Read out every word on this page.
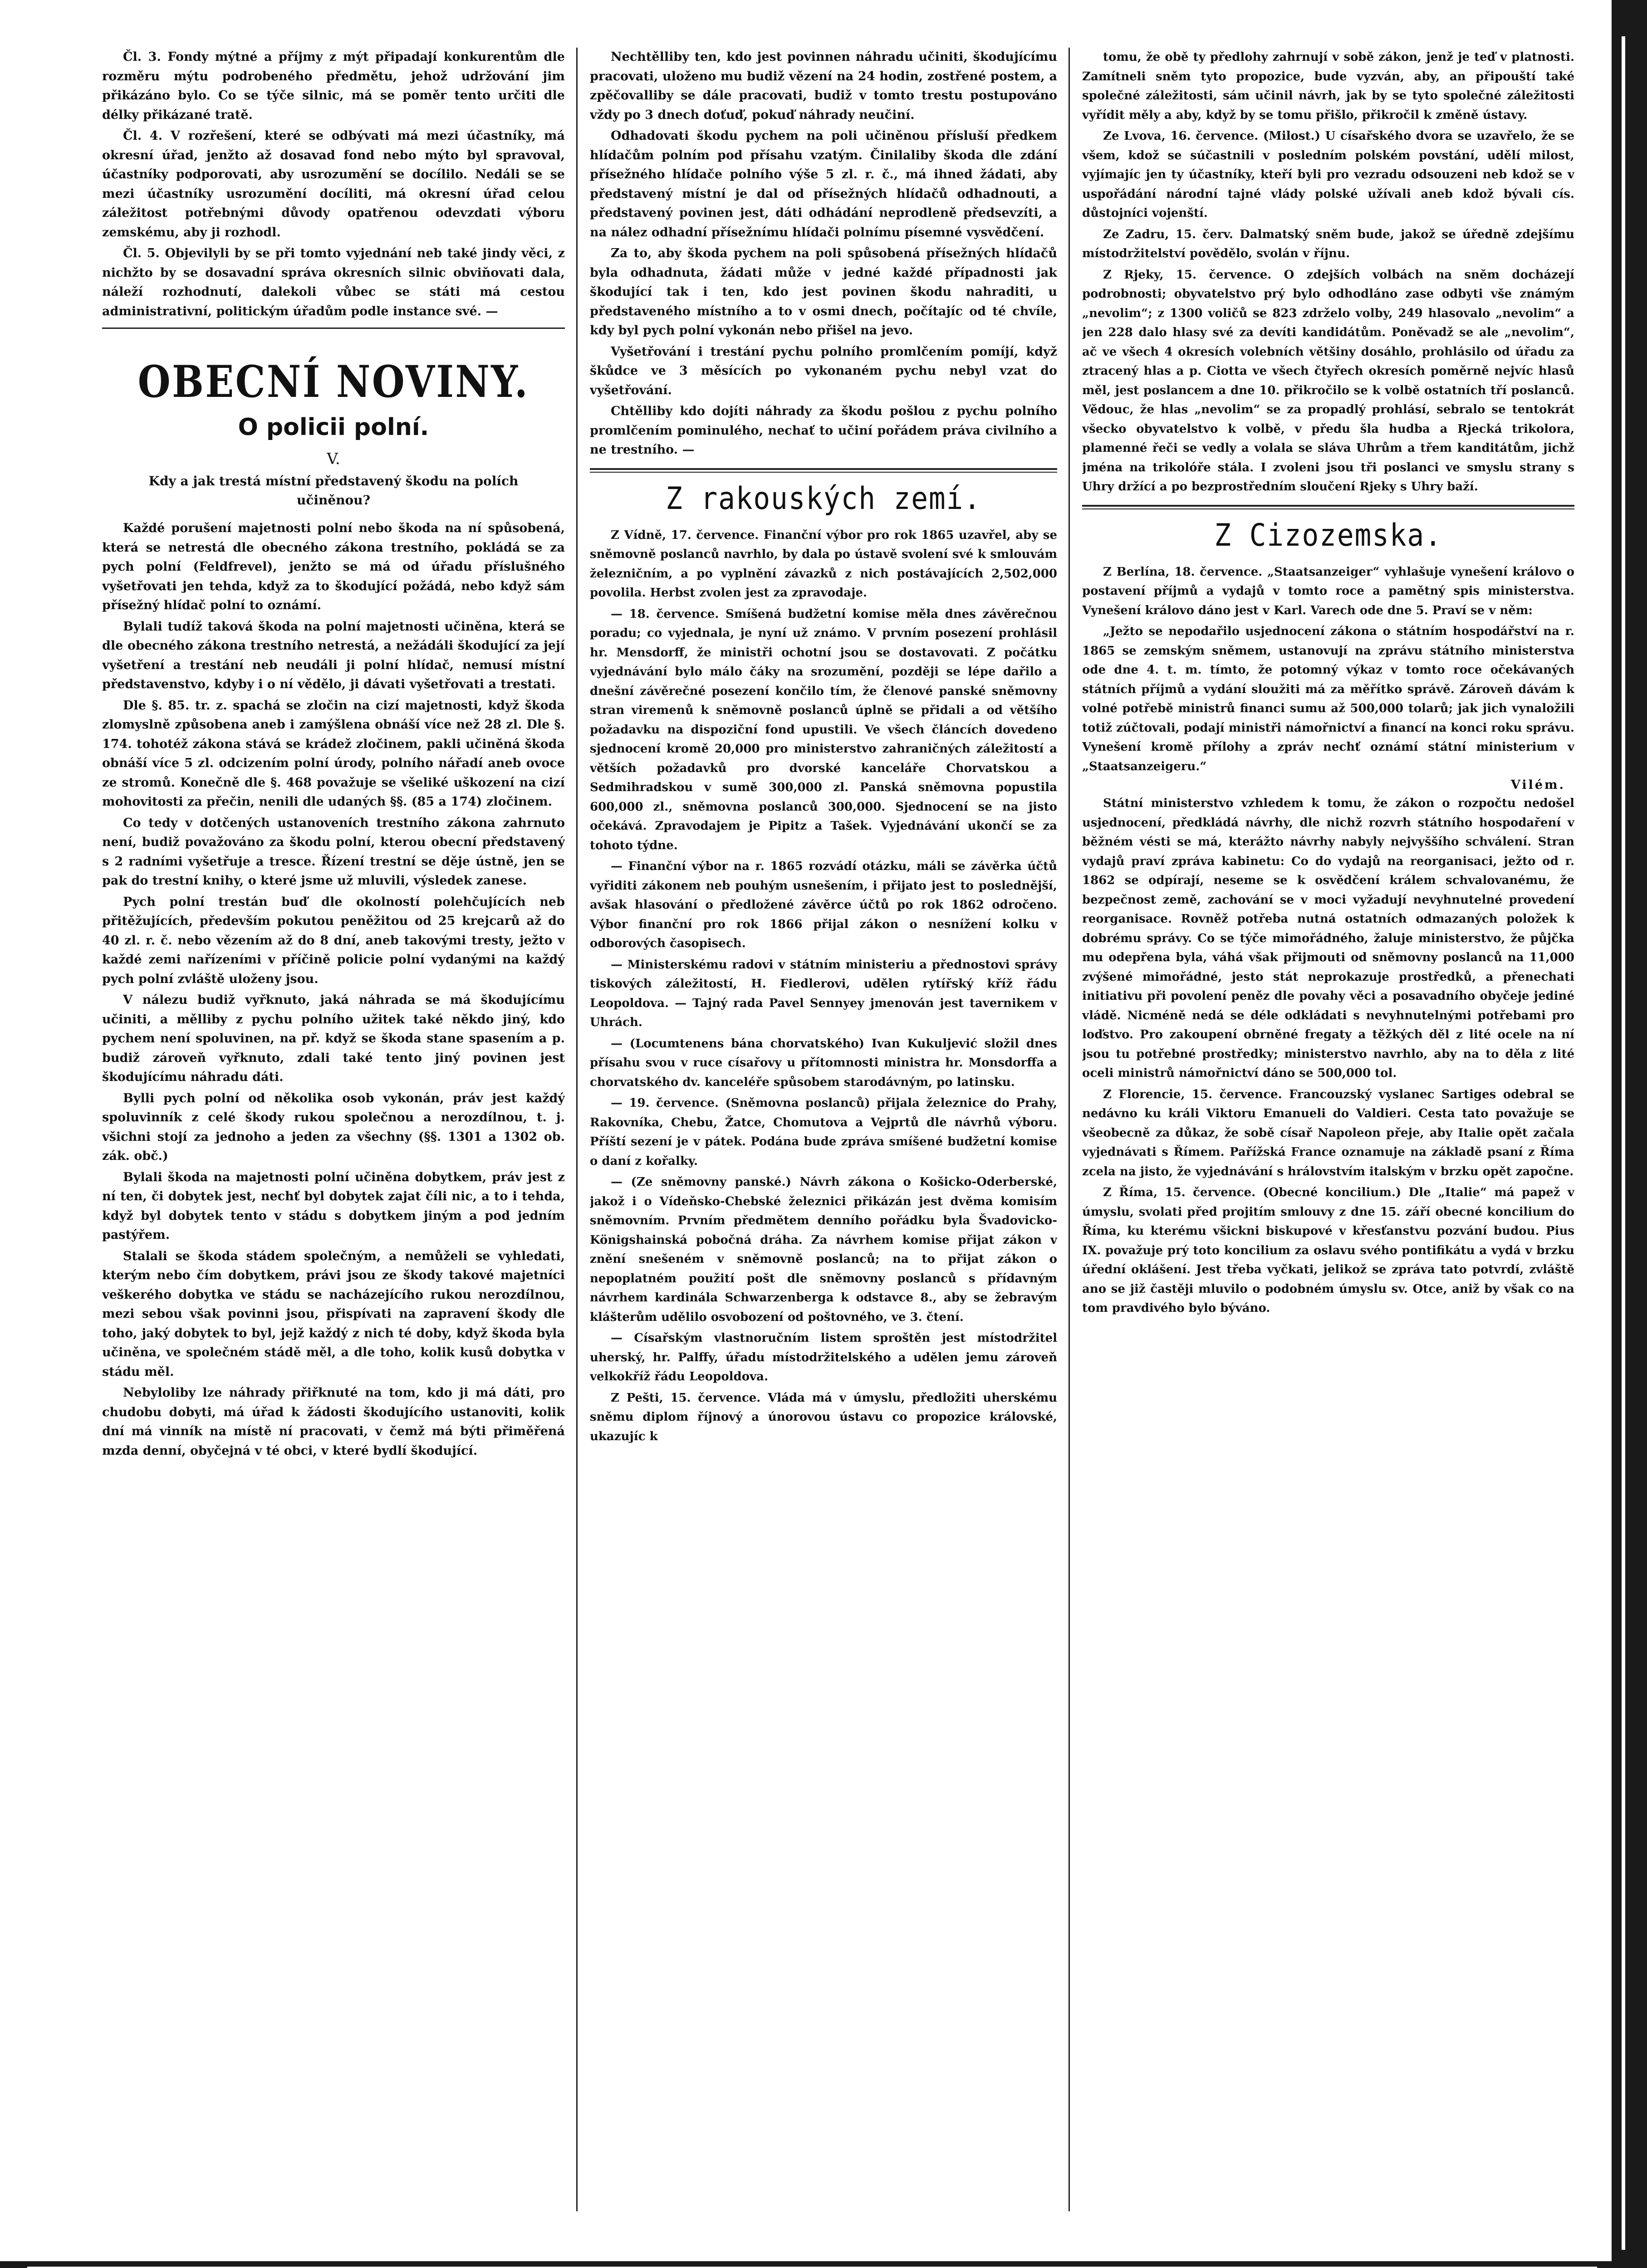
Čl. 3. Fondy mýtné a příjmy z mýt připadají konkurentům dle rozměru mýtu podrobeného předmětu, jehož udržování jim přikázáno bylo. Co se týče silnic, má se poměr tento určiti dle délky přikázané tratě.

Čl. 4. V rozřešení, které se odbývati má mezi účastníky, má okresní úřad, jenžto až dosavad fond nebo mýto byl spravoval, účastníky podporovati, aby usrozumění se docílilo. Nedáli se se mezi účastníky usrozumění docíliti, má okresní úřad celou záležitost potřebnými důvody opatřenou odevzdati výboru zemskému, aby ji rozhodl.

Čl. 5. Objevilyli by se při tomto vyjednání neb také jindy věci, z nichžto by se dosavadní správa okresních silnic obviňovati dala, náleží rozhodnutí, dalekoli vůbec se státi má cestou administrativní, politickým úřadům podle instance své. —

OBECNÍ NOVINY.
O policii polní.
V.
Kdy a jak trestá místní představený škodu na polích učiněnou?

Každé porušení majetnosti polní nebo škoda na ní spůsobená, která se netrestá dle obecného zákona trestního, pokládá se za pych polní (Feldfrevel), jenžto se má od úřadu příslušného vyšetřovati jen tehda, když za to škodující požádá, nebo když sám přísežný hlídač polní to oznámí.

Bylali tudíž taková škoda na polní majetnosti učiněna, která se dle obecného zákona trestního netrestá, a nežádáli škodující za její vyšetření a trestání neb neudáli ji polní hlídač, nemusí místní představenstvo, kdyby i o ní vědělo, ji dávati vyšetřovati a trestati.

Dle §. 85. tr. z. spachá se zločin na cizí majetnosti, když škoda zlomyslně způsobena aneb i zamýšlena obnáší více než 28 zl. Dle §. 174. tohotéž zákona stává se krádež zločinem, pakli učiněná škoda obnáší více 5 zl. odcizením polní úrody, polního nářadí aneb ovoce ze stromů. Konečně dle §. 468 považuje se všeliké uškození na cizí mohovitosti za přečin, nenili dle udaných §§. (85 a 174) zločinem.

Co tedy v dotčených ustanoveních trestního zákona zahrnuto není, budiž považováno za škodu polní, kterou obecní představený s 2 radními vyšetřuje a tresce. Řízení trestní se děje ústně, jen se pak do trestní knihy, o které jsme už mluvili, výsledek zanese.

Pych polní trestán buď dle okolností polehčujících neb přitěžujících, především pokutou peněžitou od 25 krejcarů až do 40 zl. r. č. nebo vězením až do 8 dní, aneb takovými tresty, ježto v každé zemi nařízeními v příčině policie polní vydanými na každý pych polní zvláště uloženy jsou.

V nálezu budiž vyřknuto, jaká náhrada se má škodujícímu učiniti, a mělliby z pychu polního užitek také někdo jiný, kdo pychem není spoluvinen, na př. když se škoda stane spasením a p. budiž zároveň vyřknuto, zdali také tento jiný povinen jest škodujícímu náhradu dáti.

Bylli pych polní od několika osob vykonán, práv jest každý spoluvinník z celé škody rukou společnou a nerozdílnou, t. j. všichni stojí za jednoho a jeden za všechny (§§. 1301 a 1302 ob. zák. obč.)

Bylali škoda na majetnosti polní učiněna dobytkem, práv jest z ní ten, či dobytek jest, nechť byl dobytek zajat číli nic, a to i tehda, když byl dobytek tento v stádu s dobytkem jiným a pod jedním pastýřem.

Stalali se škoda stádem společným, a nemůželi se vyhledati, kterým nebo čím dobytkem, právi jsou ze škody takové majetníci veškerého dobytka ve stádu se nacházejícího rukou nerozdílnou, mezi sebou však povinni jsou, přispívati na zapravení škody dle toho, jaký dobytek to byl, jejž každý z nich té doby, když škoda byla učiněna, ve společném stádě měl, a dle toho, kolik kusů dobytka v stádu měl.

Nebyloliby lze náhrady přiřknuté na tom, kdo ji má dáti, pro chudobu dobyti, má úřad k žádosti škodujícího ustanoviti, kolik dní má vinník na místě ní pracovati, v čemž má býti přiměřená mzda denní, obyčejná v té obci, v které bydlí škodující.

Nechtělliby ten, kdo jest povinnen náhradu učiniti, škodujícímu pracovati, uloženo mu budiž vězení na 24 hodin, zostřené postem, a zpěčovalliby se dále pracovati, budiž v tomto trestu postupováno vždy po 3 dnech doťuď, pokuď náhrady neučiní.

Odhadovati škodu pychem na poli učiněnou přísluší předkem hlídačům polním pod přísahu vzatým. Činilaliby škoda dle zdání přísežného hlídače polního výše 5 zl. r. č., má ihned žádati, aby představený místní je dal od přísežných hlídačů odhadnouti, a představený povinen jest, dáti odhádání neprodleně předsevzíti, a na nález odhadní přísežnímu hlídači polnímu písemné vysvědčení.

Za to, aby škoda pychem na poli spůsobená přísežných hlídačů byla odhadnuta, žádati může v jedné každé případnosti jak škodující tak i ten, kdo jest povinen škodu nahraditi, u představeného místního a to v osmi dnech, počítajíc od té chvíle, kdy byl pych polní vykonán nebo přišel na jevo.

Vyšetřování i trestání pychu polního promlčením pomíjí, když škůdce ve 3 měsících po vykonaném pychu nebyl vzat do vyšetřování.

Chtělliby kdo dojíti náhrady za škodu pošlou z pychu polního promlčením pominulého, nechať to učiní pořádem práva civilního a ne trestního. —

Z rakouských zemí.

Z Vídně, 17. července. Finanční výbor pro rok 1865 uzavřel, aby se sněmovně poslanců navrhlo, by dala po ústavě svolení své k smlouvám železničním, a po vyplnění závazků z nich postávajících 2,502,000 povolila. Herbst zvolen jest za zpravodaje.

— 18. července. Smíšená budžetní komise měla dnes závěrečnou poradu; co vyjednala, je nyní už známo. V prvním posezení prohlásil hr. Mensdorff, že ministři ochotní jsou se dostavovati. Z počátku vyjednávání bylo málo čáky na srozumění, později se lépe dařilo a dnešní závěrečné posezení končilo tím, že členové panské sněmovny stran viremenů k sněmovně poslanců úplně se přidali a od většího požadavku na dispoziční fond upustili. Ve všech článcích dovedeno sjednocení kromě 20,000 pro ministerstvo zahraničných záležitostí a větších požadavků pro dvorské kanceláře Chorvatskou a Sedmihradskou v sumě 300,000 zl. Panská sněmovna popustila 600,000 zl., sněmovna poslanců 300,000. Sjednocení se na jisto očekává. Zpravodajem je Pipitz a Tašek. Vyjednávání ukončí se za tohoto týdne.

— Finanční výbor na r. 1865 rozvádí otázku, máli se závěrka účtů vyřiditi zákonem neb pouhým usnešením, i přijato jest to poslednější, avšak hlasování o předložené závěrce účtů po rok 1862 odročeno. Výbor finanční pro rok 1866 přijal zákon o nesnížení kolku v odborových časopisech.

— Ministerskému radovi v státním ministeriu a přednostovi správy tiskových záležitostí, H. Fiedlerovi, udělen rytířský kříž řádu Leopoldova. — Tajný rada Pavel Sennyey jmenován jest tavernikem v Uhrách.

— (Locumtenens bána chorvatského) Ivan Kukuljević složil dnes přísahu svou v ruce císařovy u přítomnosti ministra hr. Monsdorffa a chorvatského dv. kanceléře spůsobem starodávným, po latinsku.

— 19. července. (Sněmovna poslanců) přijala železnice do Prahy, Rakovníka, Chebu, Žatce, Chomutova a Vejprtů dle návrhů výboru. Příští sezení je v pátek. Podána bude zpráva smíšené budžetní komise o daní z kořalky.

— (Ze sněmovny panské.) Návrh zákona o Košicko-Oderberské, jakož i o Vídeňsko-Chebské železnici přikázán jest dvěma komisím sněmovním. Prvním předmětem denního pořádku byla Švadovicko-Königshainská pobočná dráha. Za návrhem komise přijat zákon v znění snešeném v sněmovně poslanců; na to přijat zákon o nepoplatném použití pošt dle sněmovny poslanců s přídavným návrhem kardinála Schwarzenberga k odstavce 8., aby se žebravým klášterům udělilo osvobození od poštovného, ve 3. čtení.

— Císařským vlastnoručním listem sproštěn jest místodržitel uherský, hr. Palffy, úřadu místodržitelského a udělen jemu zároveň velkokříž řádu Leopoldova.

Z Pešti, 15. července. Vláda má v úmyslu, předložiti uherskému sněmu diplom říjnový a únorovou ústavu co propozice královské, ukazujíc k

tomu, že obě ty předlohy zahrnují v sobě zákon, jenž je teď v platnosti. Zamítneli sněm tyto propozice, bude vyzván, aby, an připouští také společné záležitosti, sám učinil návrh, jak by se tyto společné záležitosti vyřídit měly a aby, když by se tomu přišlo, přikročil k změně ústavy.

Ze Lvova, 16. července. (Milost.) U císařského dvora se uzavřelo, že se všem, kdož se súčastnili v posledním polském povstání, udělí milost, vyjímajíc jen ty účastníky, kteří byli pro vezradu odsouzeni neb kdož se v uspořádání národní tajné vlády polské užívali aneb kdož bývali cís. důstojníci vojenští.

Ze Zadru, 15. červ. Dalmatský sněm bude, jakož se úředně zdejšímu místodržitelství povědělo, svolán v říjnu.

Z Rjeky, 15. července. O zdejších volbách na sněm docházejí podrobnosti; obyvatelstvo prý bylo odhodláno zase odbyti vše známým „nevolim“; z 1300 voličů se 823 zdrželo volby, 249 hlasovalo „nevolim“ a jen 228 dalo hlasy své za devíti kandidátům. Poněvadž se ale „nevolim“, ač ve všech 4 okresích volebních většiny dosáhlo, prohlásilo od úřadu za ztracený hlas a p. Ciotta ve všech čtyřech okresích poměrně nejvíc hlasů měl, jest poslancem a dne 10. přikročilo se k volbě ostatních tří poslanců. Vědouc, že hlas „nevolim“ se za propadlý prohlásí, sebralo se tentokrát všecko obyvatelstvo k volbě, v předu šla hudba a Rjecká trikolora, plamenné řeči se vedly a volala se sláva Uhrům a třem kanditátům, jichž jména na trikolóře stála. I zvoleni jsou tři poslanci ve smyslu strany s Uhry držící a po bezprostředním sloučení Rjeky s Uhry baží.

Z Cizozemska.

Z Berlína, 18. července. „Staatsanzeiger“ vyhlašuje vynešení královo o postavení příjmů a vydajů v tomto roce a pamětný spis ministerstva. Vynešení královo dáno jest v Karl. Varech ode dne 5. Praví se v něm:

„Ježto se nepodařilo usjednocení zákona o státním hospodářství na r. 1865 se zemským sněmem, ustanovují na zprávu státního ministerstva ode dne 4. t. m. tímto, že potomný výkaz v tomto roce očekávaných státních příjmů a vydání sloužiti má za měřítko správě. Zároveň dávám k volné potřebě ministrů financi sumu až 500,000 tolarů; jak jich vynaložili totiž zúčtovali, podají ministři námořnictví a financí na konci roku správu. Vynešení kromě přílohy a zpráv nechť oznámí státní ministerium v „Staatsanzeigeru.“

Vilém.

Státní ministerstvo vzhledem k tomu, že zákon o rozpočtu nedošel usjednocení, předkládá návrhy, dle nichž rozvrh státního hospodaření v běžném vésti se má, kterážto návrhy nabyly nejvyššího schválení. Stran vydajů praví zpráva kabinetu: Co do vydajů na reorganisaci, ježto od r. 1862 se odpírají, neseme se k osvědčení králem schvalovanému, že bezpečnost země, zachování se v moci vyžadují nevyhnutelné provedení reorganisace. Rovněž potřeba nutná ostatních odmazaných položek k dobrému správy. Co se týče mimořádného, žaluje ministerstvo, že půjčka mu odepřena byla, váhá však přijmouti od sněmovny poslanců na 11,000 zvýšené mimořádné, jesto stát neprokazuje prostředků, a přenechati initiativu při povolení peněz dle povahy věci a posavadního obyčeje jediné vládě. Nicméně nedá se déle odkládati s nevyhnutelnými potřebami pro loďstvo. Pro zakoupení obrněné fregaty a těžkých děl z lité ocele na ní jsou tu potřebné prostředky; ministerstvo navrhlo, aby na to děla z lité oceli ministrů námořnictví dáno se 500,000 tol.

Z Florencie, 15. července. Francouzský vyslanec Sartiges odebral se nedávno ku králi Viktoru Emanueli do Valdieri. Cesta tato považuje se všeobecně za důkaz, že sobě císař Napoleon přeje, aby Italie opět začala vyjednávati s Římem. Pařížská France oznamuje na základě psaní z Říma zcela na jisto, že vyjednávání s hrálovstvím italským v brzku opět započne.

Z Říma, 15. července. (Obecné koncilium.) Dle „Italie“ má papež v úmyslu, svolati před projitím smlouvy z dne 15. září obecné koncilium do Říma, ku kterému všickni biskupové v křesťanstvu pozvání budou. Pius IX. považuje prý toto koncilium za oslavu svého pontifikátu a vydá v brzku úřední oklášení. Jest třeba vyčkati, jelikož se zpráva tato potvrdí, zvláště ano se již častěji mluvilo o podobném úmyslu sv. Otce, aniž by však co na tom pravdivého bylo býváno.
